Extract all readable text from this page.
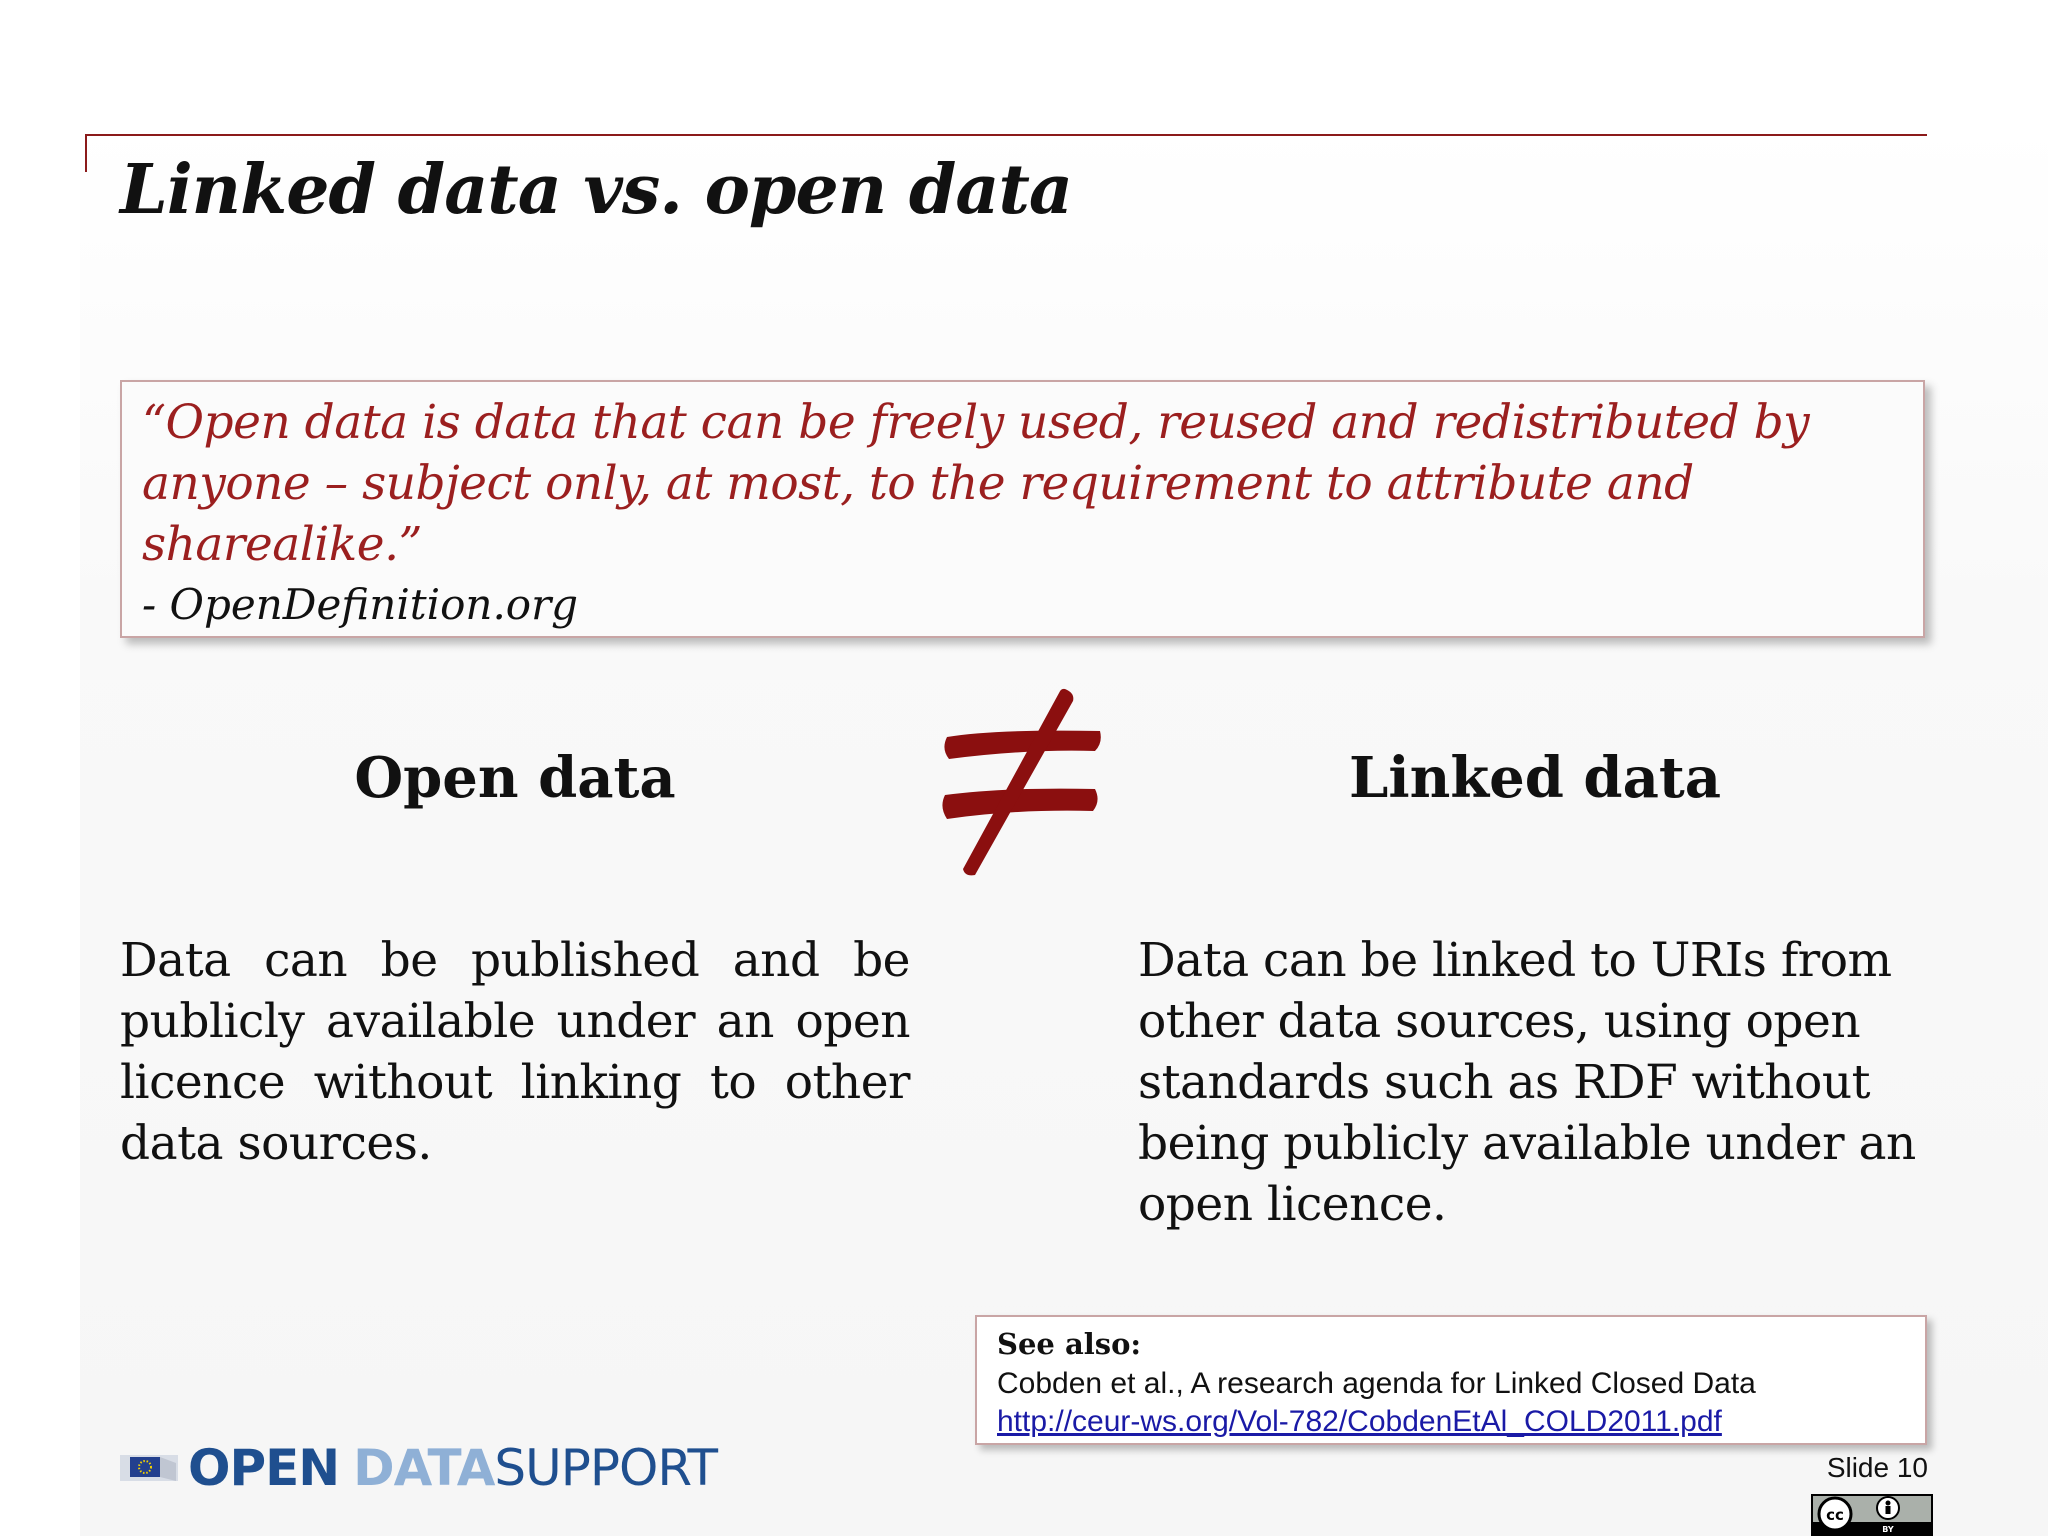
Linked data vs. open data
“Open data is data that can be freely used, reused and redistributed by anyone – subject only, at most, to the requirement to attribute and sharealike.”
- OpenDefinition.org
Open data	Linked data
Data can be published and be publicly available under an open licence without linking to other data sources.
Data can be linked to URIs from other data sources, using open standards such as RDF without being publicly available under an open licence.
See also:
Cobden et al., A research agenda for Linked Closed Data
http://ceur-ws.org/Vol-782/CobdenEtAl_COLD2011.pdf
OPEN DATA SUPPORT	Slide 10
cc
BY
